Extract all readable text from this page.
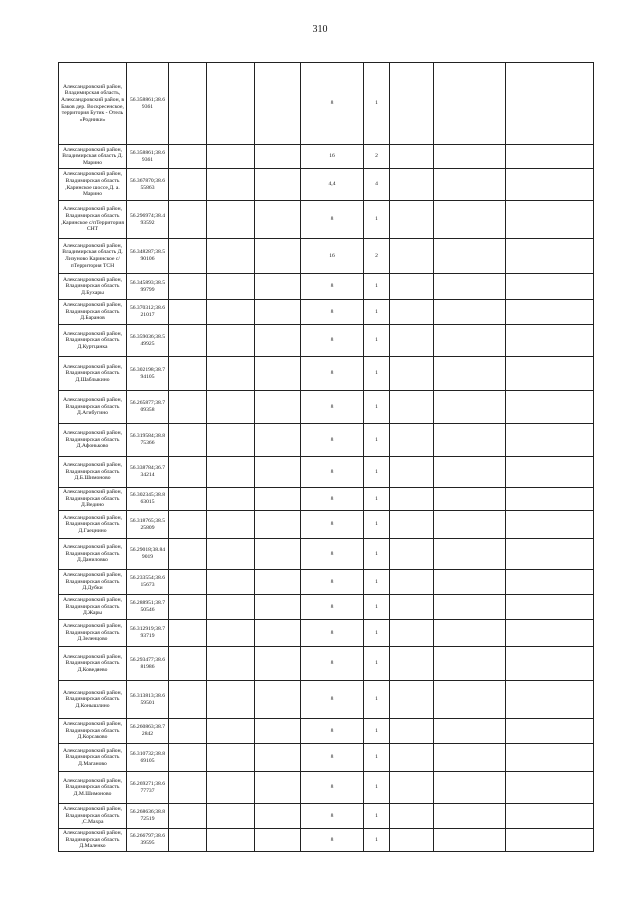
310
Александровский район, Владимирская область, Александровский район, в Баков дер. Воскресенское, территория Бутик - Отель «Родники»	56.358861;38.6 9361				8	1			
Александровский район, Владимирская область Д. Марино	56.358861;38.6 9361				16	2			
Александровский район, Владимирская область ,Каринское шоссе,Д. а. Марино	56.367870;38.6 55863				4,4	4			
Александровский район, Владимирская область ,Каринское с/пТерритория СНТ	56.296974;38.4 93592				8	1			
Александровский район, Владимирская область Д. Лизуново Каринское с/пТерритория ТСН	56.348287;38.5 90106				16	2			
Александровский район, Владимирская область Д.Бухары	56.345893;38.5 99799				8	1			
Александровский район, Владимирская область Д.Баранов	56.370312;38.6 21017				8	1			
Александровский район, Владимирская область Д.Куртцанка	56.359036;38.5 49925				8	1			
Александровский район, Владимирская область Д.Шаблыкино	56.302198;38.7 94105				8	1			
Александровский район, Владимирская область Д.Агибугино	56.265877;38.7 09358				8	1			
Александровский район, Владимирская область Д.Афоньково	56.319584;38.8 75366				8	1			
Александровский район, Владимирская область Д.Б.Шимоново	56.338784;36.7 34214				8	1			
Александровский район, Владимирская область Д.Ведино	56.302345;38.8 63015				8	1			
Александровский район, Владимирская область Д.Гаецнино	56.318765;38.5 25809				8	1			
Александровский район, Владимирская область Д.Даниловко	56.29018;38.84 9019				8	1			
Александровский район, Владимирская область Д.Дубки	56.233554;38.6 15673				8	1			
Александровский район, Владимирская область Д.Жары	56.288951;38.7 50546				8	1			
Александровский район, Владимирская область Д.Зеленцово	56.312919;38.7 93719				8	1			
Александровский район, Владимирская область Д.Коведяево	56.293477;38.6 81986				8	1			
Александровский район, Владимирская область Д.Конышлино	56.313813;38.6 59501				8	1			
Александровский район, Владимирская область Д.Корсаково	56.260863;38.7 2842				8	1			
Александровский район, Владимирская область Д.Маганово	56.310732;38.8 69105				8	1			
Александровский район, Владимирская область Д.М.Шимоново	56.269271;38.6 77737				8	1			
Александровский район, Владимирская область ,С.Махра	56.268636;38.8 72519				8	1			
Александровский район, Владимирская область Д.Маленко	56.266797;38.6 39595				8	1			
